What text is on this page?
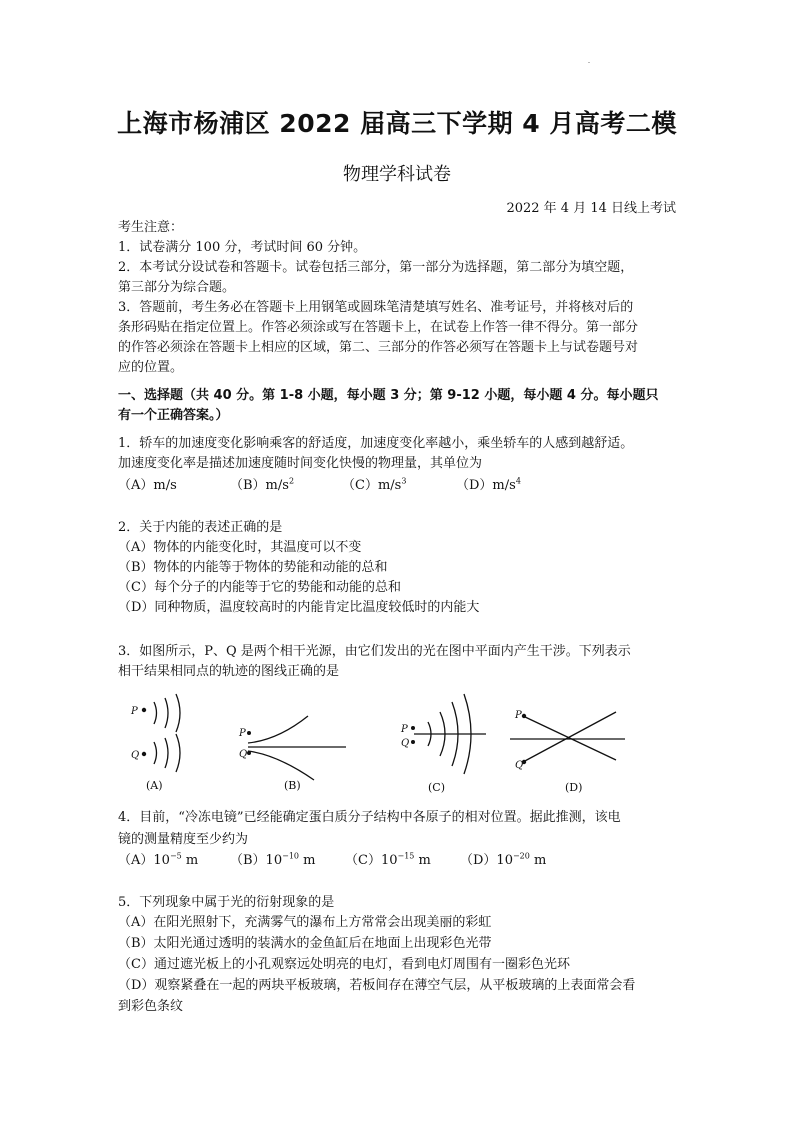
上海市杨浦区 2022 届高三下学期 4 月高考二模
物理学科试卷
2022 年 4 月 14 日线上考试
考生注意：
1．试卷满分 100 分，考试时间 60 分钟。
2．本考试分设试卷和答题卡。试卷包括三部分，第一部分为选择题，第二部分为填空题，
第三部分为综合题。
3．答题前，考生务必在答题卡上用钢笔或圆珠笔清楚填写姓名、准考证号，并将核对后的
条形码贴在指定位置上。作答必须涂或写在答题卡上，在试卷上作答一律不得分。第一部分
的作答必须涂在答题卡上相应的区域，第二、三部分的作答必须写在答题卡上与试卷题号对
应的位置。
一、选择题（共 40 分。第 1-8 小题，每小题 3 分；第 9-12 小题，每小题 4 分。每小题只
有一个正确答案。）
1．轿车的加速度变化影响乘客的舒适度，加速度变化率越小，乘坐轿车的人感到越舒适。
加速度变化率是描述加速度随时间变化快慢的物理量，其单位为
（A）m/s	$(B)m/s^2$	$(C)m/s^3$	$(D)m/s^4$
2．关于内能的表述正确的是
（A）物体的内能变化时，其温度可以不变
（B）物体的内能等于物体的势能和动能的总和
（C）每个分子的内能等于它的势能和动能的总和
（D）同种物质，温度较高时的内能肯定比温度较低时的内能大
3．如图所示，P、Q 是两个相干光源，由它们发出的光在图中平面内产生干涉。下列表示
相干结果相同点的轨迹的图线正确的是
P
Q
P
Q
P
Q
P
Q
(A)	(B)	(C)	(D)
4．目前，“冷冻电镜”已经能确定蛋白质分子结构中各原子的相对位置。据此推测，该电
镜的测量精度至少约为
$(A)10^{-5}$ m $(B)10^{-10}$ m $(C)10^{-15}$ m $(D)10^{-20}$ m
5．下列现象中属于光的衍射现象的是
（A）在阳光照射下，充满雾气的瀑布上方常常会出现美丽的彩虹
（B）太阳光通过透明的装满水的金鱼缸后在地面上出现彩色光带
（C）通过遮光板上的小孔观察远处明亮的电灯，看到电灯周围有一圈彩色光环
（D）观察紧叠在一起的两块平板玻璃，若板间存在薄空气层，从平板玻璃的上表面常会看
到彩色条纹
